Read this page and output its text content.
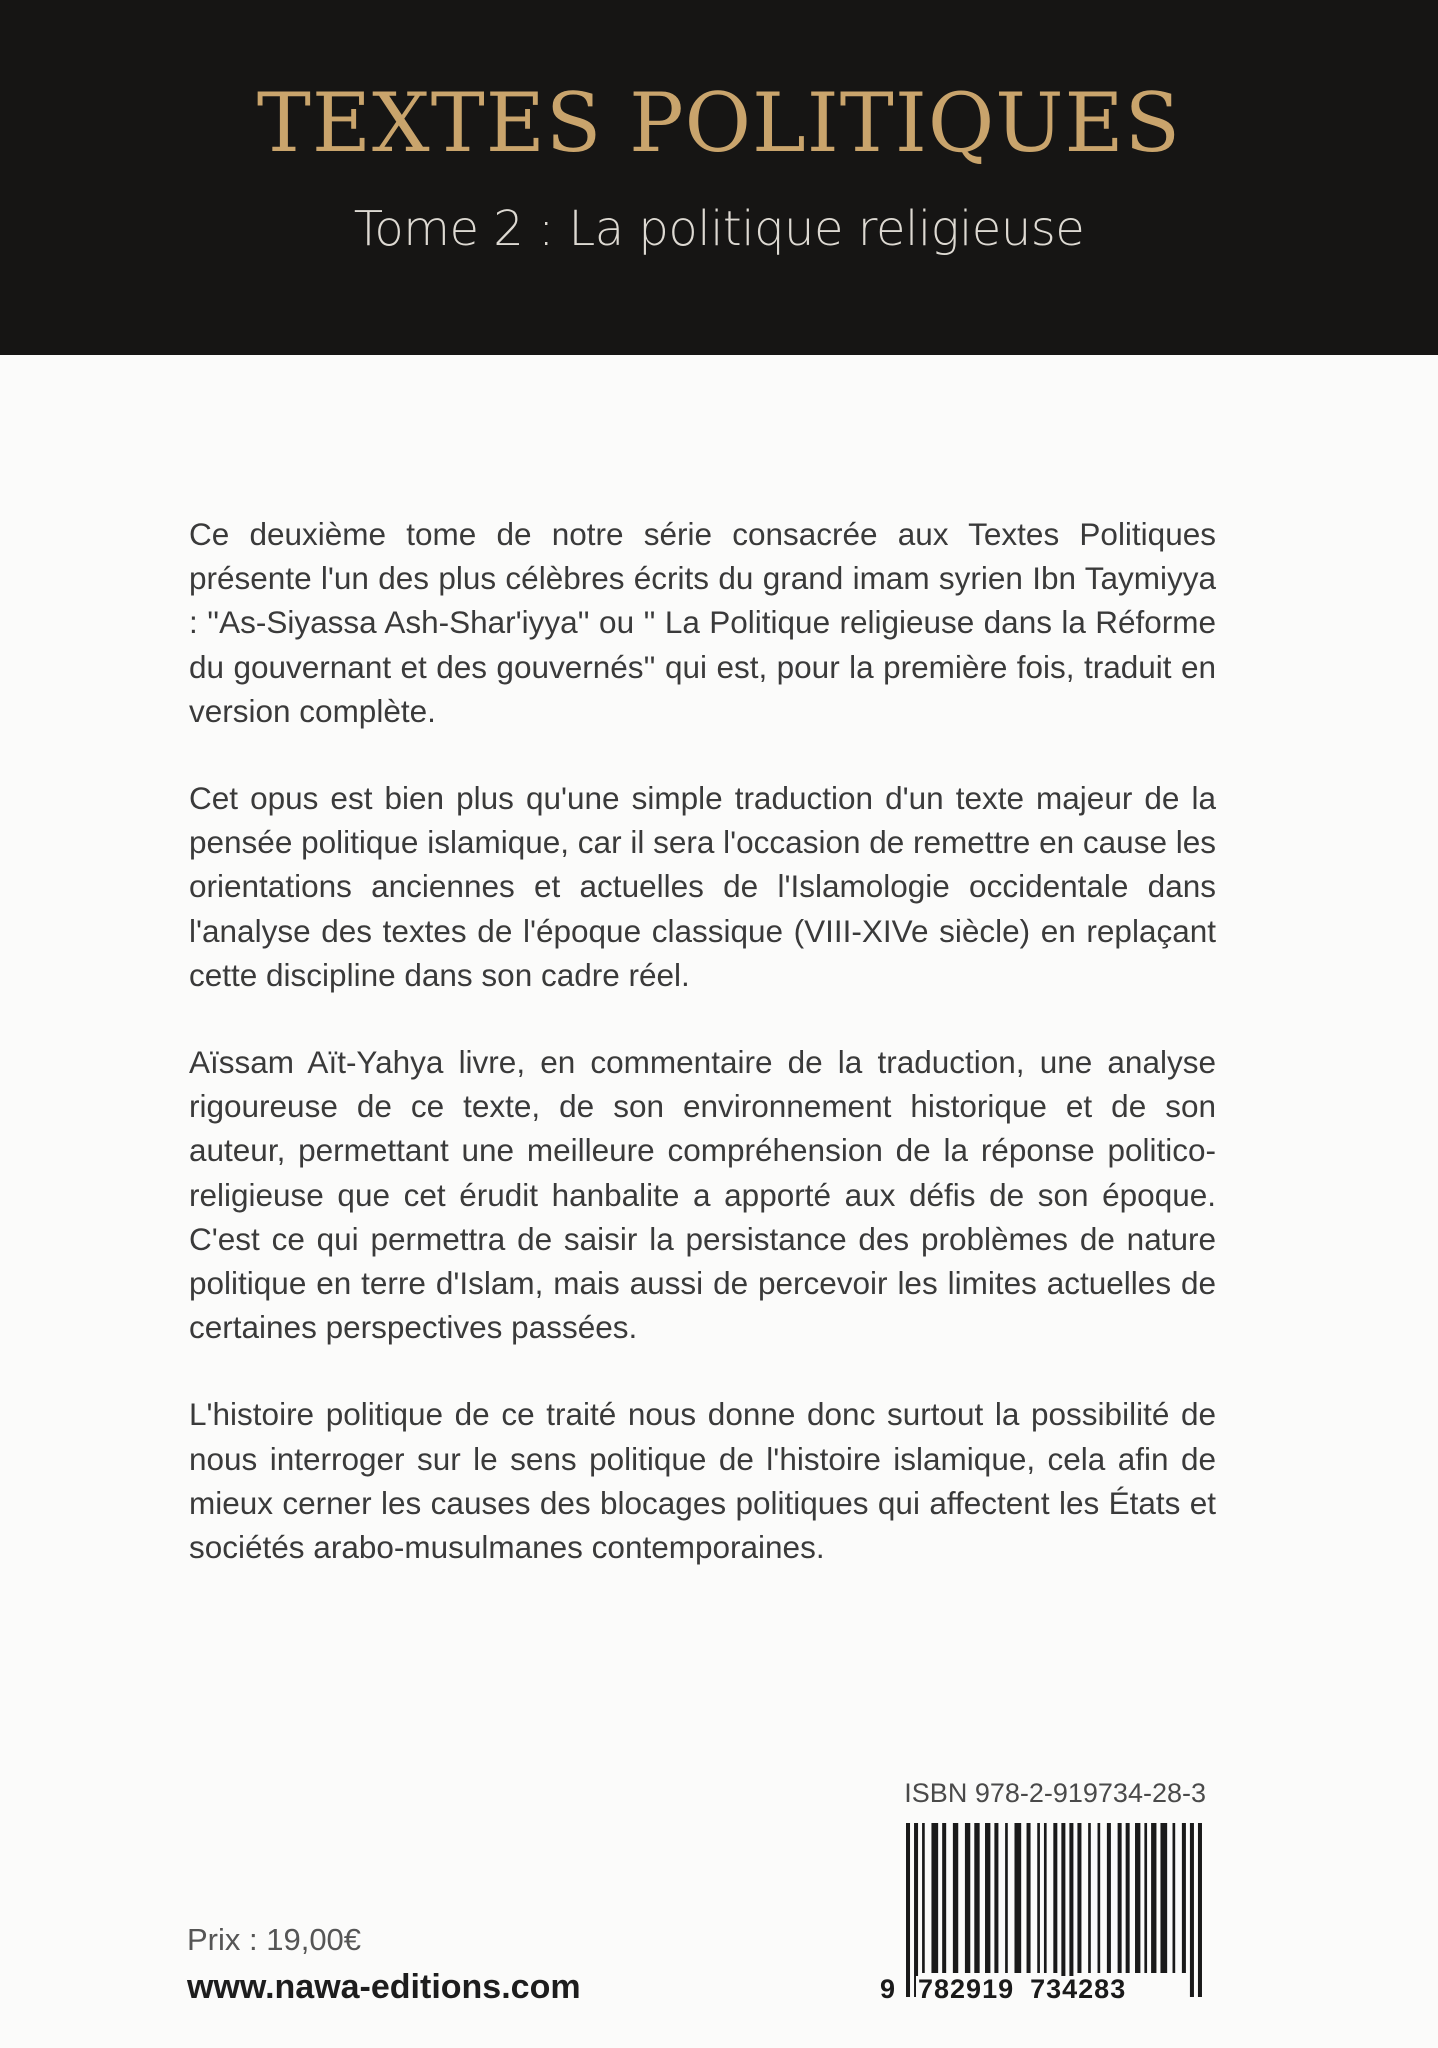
TEXTES POLITIQUES
Tome 2 : La politique religieuse

Ce deuxième tome de notre série consacrée aux Textes Politiques présente l'un des plus célèbres écrits du grand imam syrien Ibn Taymiyya : ''As-Siyassa Ash-Shar'iyya'' ou '' La Politique religieuse dans la Réforme du gouvernant et des gouvernés'' qui est, pour la première fois, traduit en version complète.

Cet opus est bien plus qu'une simple traduction d'un texte majeur de la pensée politique islamique, car il sera l'occasion de remettre en cause les orientations anciennes et actuelles de l'Islamologie occidentale dans l'analyse des textes de l'époque classique (VIII-XIVe siècle) en replaçant cette discipline dans son cadre réel.

Aïssam Aït-Yahya livre, en commentaire de la traduction, une analyse rigoureuse de ce texte, de son environnement historique et de son auteur, permettant une meilleure compréhension de la réponse politico-religieuse que cet érudit hanbalite a apporté aux défis de son époque. C'est ce qui permettra de saisir la persistance des problèmes de nature politique en terre d'Islam, mais aussi de percevoir les limites actuelles de certaines perspectives passées.

L'histoire politique de ce traité nous donne donc surtout la possibilité de nous interroger sur le sens politique de l'histoire islamique, cela afin de mieux cerner les causes des blocages politiques qui affectent les États et sociétés arabo-musulmanes contemporaines.

ISBN 978-2-919734-28-3
9 782919 734283
Prix : 19,00€
www.nawa-editions.com
